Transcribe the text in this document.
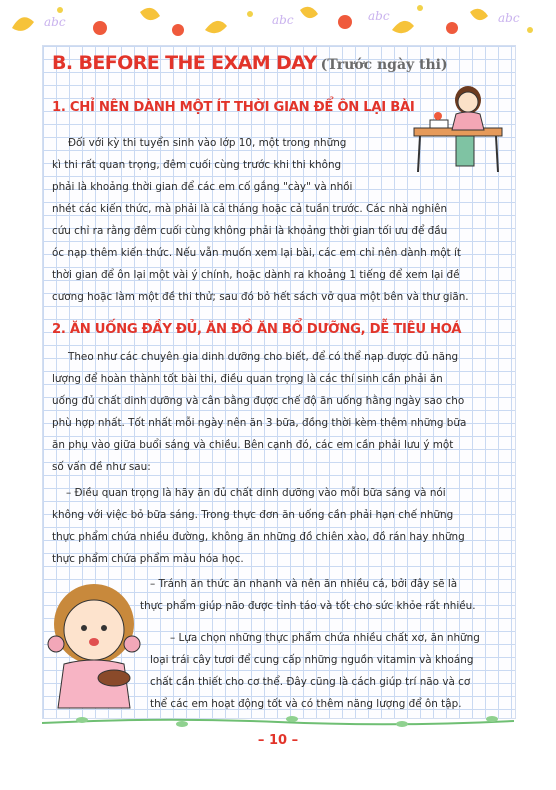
abc	abc	abc	abc
B. BEFORE THE EXAM DAY (Trước ngày thi)
1. CHỈ NÊN DÀNH MỘT ÍT THỜI GIAN ĐỂ ÔN LẠI BÀI
Đối với kỳ thi tuyển sinh vào lớp 10, một trong những
kì thi rất quan trọng, đêm cuối cùng trước khi thi không
phải là khoảng thời gian để các em cố gắng "cày" và nhồi
nhét các kiến thức, mà phải là cả tháng hoặc cả tuần trước. Các nhà nghiên
cứu chỉ ra rằng đêm cuối cùng không phải là khoảng thời gian tối ưu để đầu
óc nạp thêm kiến thức. Nếu vẫn muốn xem lại bài, các em chỉ nên dành một ít
thời gian để ôn lại một vài ý chính, hoặc dành ra khoảng 1 tiếng để xem lại đề
cương hoặc làm một đề thi thử; sau đó bỏ hết sách vở qua một bên và thư giãn.
2. ĂN UỐNG ĐẦY ĐỦ, ĂN ĐỒ ĂN BỔ DƯỠNG, DỄ TIÊU HOÁ
Theo như các chuyên gia dinh dưỡng cho biết, để có thể nạp được đủ năng
lượng để hoàn thành tốt bài thi, điều quan trọng là các thí sinh cần phải ăn
uống đủ chất dinh dưỡng và cân bằng được chế độ ăn uống hằng ngày sao cho
phù hợp nhất. Tốt nhất mỗi ngày nên ăn 3 bữa, đồng thời kèm thêm những bữa
ăn phụ vào giữa buổi sáng và chiều. Bên cạnh đó, các em cần phải lưu ý một
số vấn đề như sau:
– Điều quan trọng là hãy ăn đủ chất dinh dưỡng vào mỗi bữa sáng và nói
không với việc bỏ bữa sáng. Trong thực đơn ăn uống cần phải hạn chế những
thực phẩm chứa nhiều đường, không ăn những đồ chiên xào, đồ rán hay những
thực phẩm chứa phẩm màu hóa học.
– Tránh ăn thức ăn nhanh và nên ăn nhiều cá, bởi đây sẽ là
thực phẩm giúp não được tỉnh táo và tốt cho sức khỏe rất nhiều.
– Lựa chọn những thực phẩm chứa nhiều chất xơ, ăn những
loại trái cây tươi để cung cấp những nguồn vitamin và khoáng
chất cần thiết cho cơ thể. Đây cũng là cách giúp trí não và cơ
thể các em hoạt động tốt và có thêm năng lượng để ôn tập.
– 10 –
